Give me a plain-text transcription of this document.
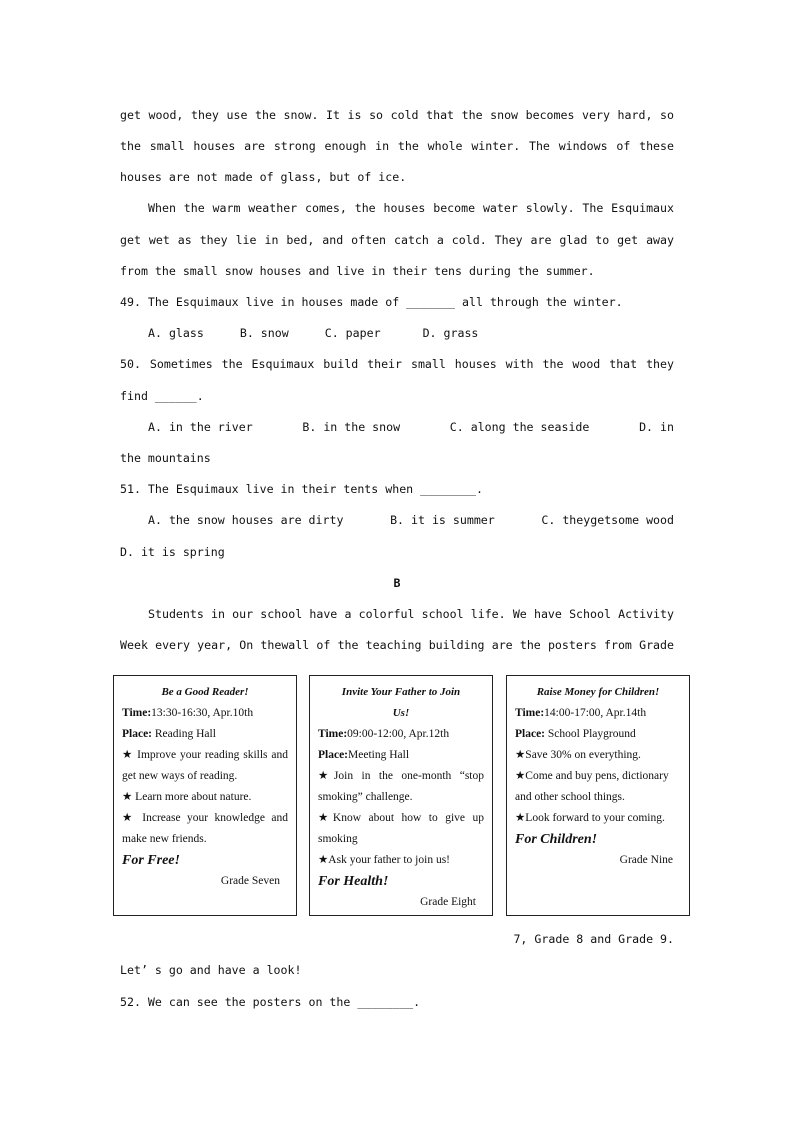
get wood, they use the snow. It is so cold that the snow becomes very hard, so
the small houses are strong enough in the whole winter. The windows of these
houses are not made of glass, but of ice.
When the warm weather comes, the houses become water slowly. The Esquimaux
get wet as they lie in bed, and often catch a cold. They are glad to get away
from the small snow houses and live in their tens during the summer.
49. The Esquimaux live in houses made of _______ all through the winter.
A. glass	B. snow	C. paper	D. grass
50. Sometimes the Esquimaux build their small houses with the wood that they
find ______.
A. in the river	B. in the snow	C. along the seaside	D. in
the mountains
51. The Esquimaux live in their tents when ________.
A. the snow houses are dirty	B. it is summer	C. theygetsome wood
D. it is spring
B
Students in our school have a colorful school life. We have School Activity
Week every year, On thewall of the teaching building are the posters from Grade
Be a Good Reader!
Time:13:30-16:30, Apr.10th
Place: Reading Hall
★ Improve your reading skills and get new ways of reading.
★ Learn more about nature.
★ Increase your knowledge and make new friends.
For Free!
Grade Seven
Invite Your Father to Join Us!
Time:09:00-12:00, Apr.12th
Place:Meeting Hall
★Join in the one-month “stop smoking” challenge.
★Know about how to give up smoking
★Ask your father to join us!
For Health!
Grade Eight
Raise Money for Children!
Time:14:00-17:00, Apr.14th
Place: School Playground
★Save 30% on everything.
★Come and buy pens, dictionary and other school things.
★Look forward to your coming.
For Children!
Grade Nine
7, Grade 8 and Grade 9.
Let’ s go and have a look!
52. We can see the posters on the ________.
